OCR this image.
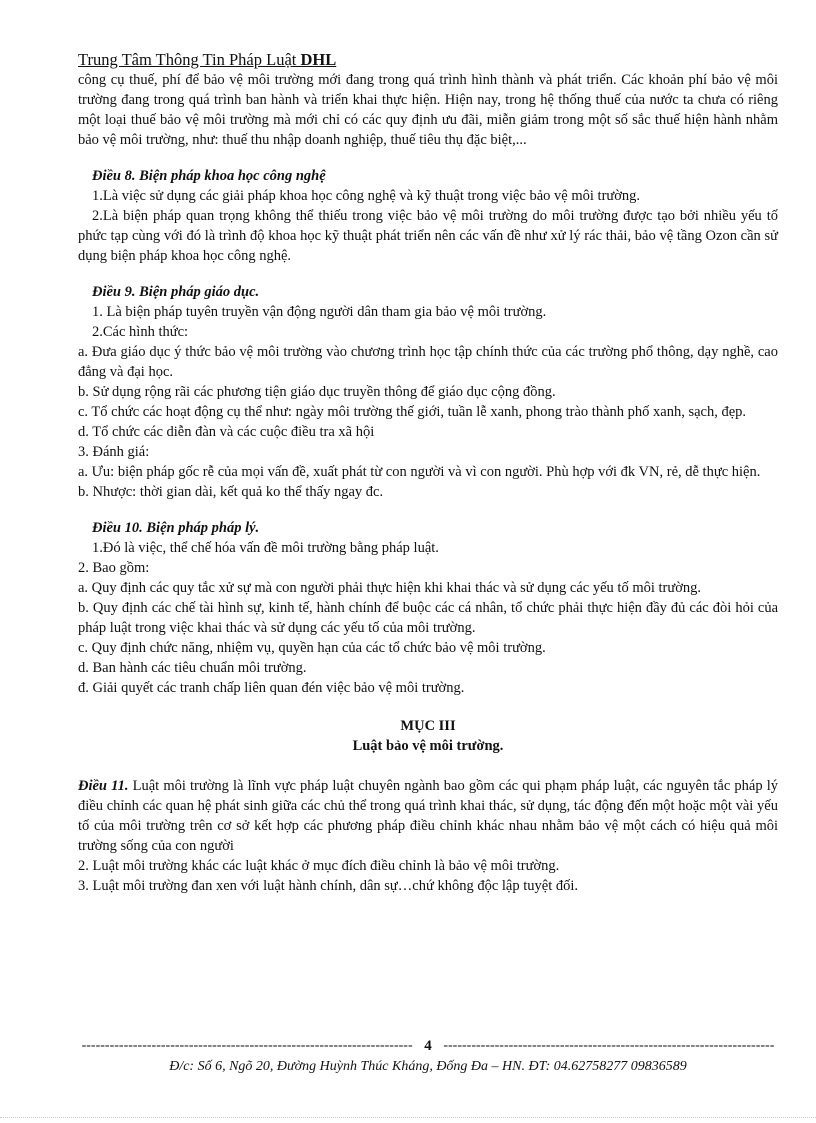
Trung Tâm Thông Tin Pháp Luật DHL

công cụ thuế, phí để bảo vệ môi trường mới đang trong quá trình hình thành và phát triển. Các khoản phí bảo vệ môi trường đang trong quá trình ban hành và triển khai thực hiện. Hiện nay, trong hệ thống thuế của nước ta chưa có riêng một loại thuế bảo vệ môi trường mà mới chỉ có các quy định ưu đãi, miễn giảm trong một số sắc thuế hiện hành nhằm bảo vệ môi trường, như: thuế thu nhập doanh nghiệp, thuế tiêu thụ đặc biệt,...

Điều 8. Biện pháp khoa học công nghệ

1.Là việc sử dụng các giải pháp khoa học công nghệ và kỹ thuật trong việc bảo vệ môi trường.

2.Là biện pháp quan trọng không thể thiếu trong việc bảo vệ môi trường do môi trường được tạo bởi nhiều yếu tố phức tạp cùng với đó là trình độ khoa học kỹ thuật phát triển nên các vấn đề như xử lý rác thải, bảo vệ tầng Ozon cần sử dụng biện pháp khoa học công nghệ.

Điều 9. Biện pháp giáo dục.

1. Là biện pháp tuyên truyền vận động người dân tham gia bảo vệ môi trường.

2.Các hình thức:

a. Đưa giáo dục ý thức bảo vệ môi trường vào chương trình học tập chính thức của các trường phổ thông, dạy nghề, cao đẳng và đại học.

b. Sử dụng rộng rãi các phương tiện giáo dục truyền thông để giáo dục cộng đồng.

c. Tổ chức các hoạt động cụ thể như: ngày môi trường thế giới, tuần lễ xanh, phong trào thành phố xanh, sạch, đẹp.

d. Tổ chức các diễn đàn và các cuộc điều tra xã hội

3. Đánh giá:

a. Ưu: biện pháp gốc rễ của mọi vấn đề, xuất phát từ con người và vì con người. Phù hợp với đk VN, rẻ, dễ thực hiện.

b. Nhược: thời gian dài, kết quả ko thể thấy ngay đc.

Điều 10. Biện pháp pháp lý.

1.Đó là việc, thể chế hóa vấn đề môi trường bằng pháp luật.

2. Bao gồm:

a. Quy định các quy tắc xử sự mà con người phải thực hiện khi khai thác và sử dụng các yếu tố môi trường.

b. Quy định các chế tài hình sự, kinh tế, hành chính để buộc các cá nhân, tổ chức phải thực hiện đầy đủ các đòi hỏi của pháp luật trong việc khai thác và sử dụng các yếu tố của môi trường.

c. Quy định chức năng, nhiệm vụ, quyền hạn của các tổ chức bảo vệ môi trường.

d. Ban hành các tiêu chuẩn môi trường.

đ. Giải quyết các tranh chấp liên quan đén việc bảo vệ môi trường.

MỤC III

Luật bảo vệ môi trường.

Điều 11. Luật môi trường là lĩnh vực pháp luật chuyên ngành bao gồm các qui phạm pháp luật, các nguyên tắc pháp lý điều chỉnh các quan hệ phát sinh giữa các chủ thể trong quá trình khai thác, sử dụng, tác động đến một hoặc một vài yếu tố của môi trường trên cơ sở kết hợp các phương pháp điều chỉnh khác nhau nhằm bảo vệ một cách có hiệu quả môi trường sống của con người

2. Luật môi trường khác các luật khác ở mục đích điều chỉnh là bảo vệ môi trường.

3. Luật môi trường đan xen với luật hành chính, dân sự…chứ không độc lập tuyệt đối.

----------------------------------------------------------------------- 4 -----------------------------------------------------------------------
Đ/c: Số 6, Ngõ 20, Đường Huỳnh Thúc Kháng, Đống Đa – HN. ĐT: 04.62758277 09836589
